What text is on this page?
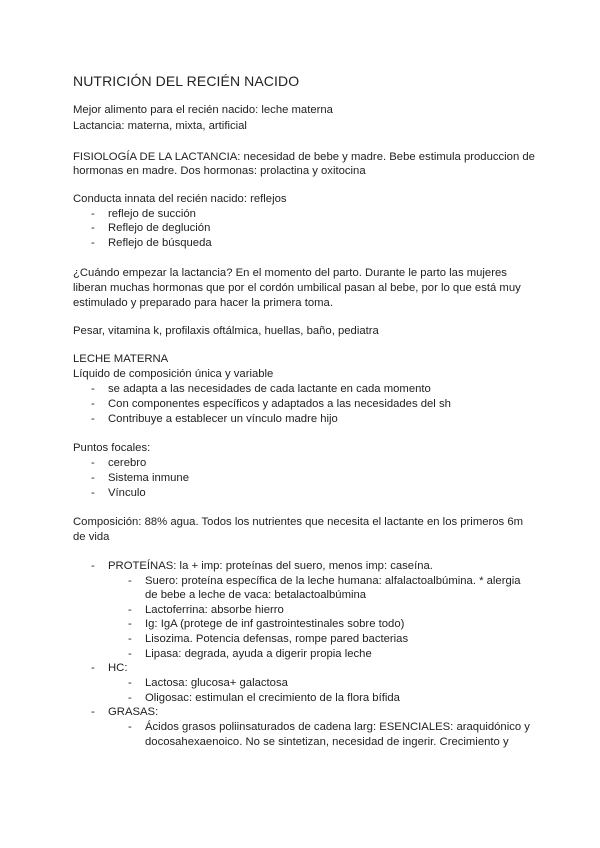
NUTRICIÓN DEL RECIÉN NACIDO
Mejor alimento para el recién nacido: leche materna
Lactancia: materna, mixta, artificial
FISIOLOGÍA DE LA LACTANCIA: necesidad de bebe y madre. Bebe estimula produccion de
hormonas en madre. Dos hormonas: prolactina y oxitocina
Conducta innata del recién nacido: reflejos
- reflejo de succión
- Reflejo de deglución
- Reflejo de búsqueda
¿Cuándo empezar la lactancia? En el momento del parto. Durante le parto las mujeres
liberan muchas hormonas que por el cordón umbilical pasan al bebe, por lo que está muy
estimulado y preparado para hacer la primera toma.
Pesar, vitamina k, profilaxis oftálmica, huellas, baño, pediatra
LECHE MATERNA
Líquido de composición única y variable
- se adapta a las necesidades de cada lactante en cada momento
- Con componentes específicos y adaptados a las necesidades del sh
- Contribuye a establecer un vínculo madre hijo
Puntos focales:
- cerebro
- Sistema inmune
- Vínculo
Composición: 88% agua. Todos los nutrientes que necesita el lactante en los primeros 6m
de vida
- PROTEÍNAS: la + imp: proteínas del suero, menos imp: caseína.
- Suero: proteína específica de la leche humana: alfalactoalbúmina. * alergia
de bebe a leche de vaca: betalactoalbúmina
- Lactoferrina: absorbe hierro
- Ig: IgA (protege de inf gastrointestinales sobre todo)
- Lisozima. Potencia defensas, rompe pared bacterias
- Lipasa: degrada, ayuda a digerir propia leche
- HC:
- Lactosa: glucosa+ galactosa
- Oligosac: estimulan el crecimiento de la flora bífida
- GRASAS:
- Ácidos grasos poliinsaturados de cadena larg: ESENCIALES: araquidónico y
docosahexaenoico. No se sintetizan, necesidad de ingerir. Crecimiento y
